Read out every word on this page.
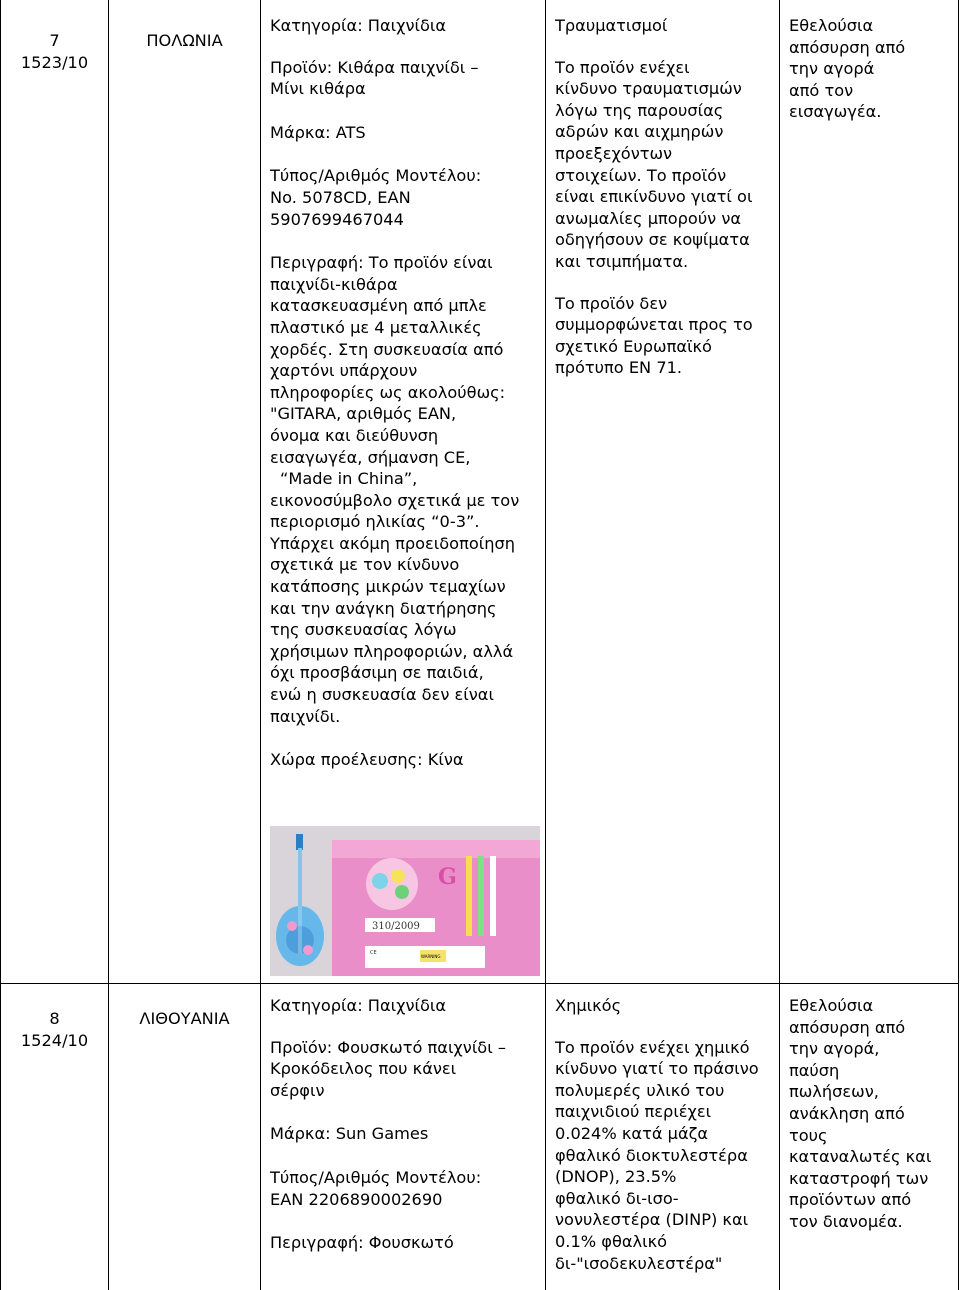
7

1523/10

ΠΟΛΩΝΙΑ

Κατηγορία: Παιχνίδια

Προϊόν: Κιθάρα παιχνίδι –

Μίνι κιθάρα

Μάρκα: ATS

Τύπος/Αριθμός Μοντέλου:

No. 5078CD, EAN

5907699467044

Περιγραφή: Το προϊόν είναι

παιχνίδι-κιθάρα

κατασκευασμένη από μπλε

πλαστικό με 4 μεταλλικές

χορδές. Στη συσκευασία από

χαρτόνι υπάρχουν

πληροφορίες ως ακολούθως:

"GITARA, αριθμός EAN,

όνομα και διεύθυνση

εισαγωγέα, σήμανση CE,

“Made in China”,

εικονοσύμβολο σχετικά με τον

περιορισμό ηλικίας “0-3”.

Υπάρχει ακόμη προειδοποίηση

σχετικά με τον κίνδυνο

κατάποσης μικρών τεμαχίων

και την ανάγκη διατήρησης

της συσκευασίας λόγω

χρήσιμων πληροφοριών, αλλά

όχι προσβάσιμη σε παιδιά,

ενώ η συσκευασία δεν είναι

παιχνίδι.

Χώρα προέλευσης: Κίνα

G
310/2009
CE
WARNING

Τραυματισμοί

Το προϊόν ενέχει

κίνδυνο τραυματισμών

λόγω της παρουσίας

αδρών και αιχμηρών

προεξεχόντων

στοιχείων. Το προϊόν

είναι επικίνδυνο γιατί οι

ανωμαλίες μπορούν να

οδηγήσουν σε κοψίματα

και τσιμπήματα.

Το προϊόν δεν

συμμορφώνεται προς το

σχετικό Ευρωπαϊκό

πρότυπο EN 71.

Εθελούσια

απόσυρση από

την αγορά

από τον

εισαγωγέα.

8

1524/10

ΛΙΘΟΥΑΝΙΑ

Κατηγορία: Παιχνίδια

Προϊόν: Φουσκωτό παιχνίδι –

Κροκόδειλος που κάνει

σέρφιν

Μάρκα: Sun Games

Τύπος/Αριθμός Μοντέλου:

EAN 2206890002690

Περιγραφή: Φουσκωτό

Χημικός

Το προϊόν ενέχει χημικό

κίνδυνο γιατί το πράσινο

πολυμερές υλικό του

παιχνιδιού περιέχει

0.024% κατά μάζα

φθαλικό διοκτυλεστέρα

(DNOP), 23.5%

φθαλικό δι-ισο-

νονυλεστέρα (DINP) και

0.1% φθαλικό

δι-"ισοδεκυλεστέρα"

Εθελούσια

απόσυρση από

την αγορά,

παύση

πωλήσεων,

ανάκληση από

τους

καταναλωτές και

καταστροφή των

προϊόντων από

τον διανομέα.
